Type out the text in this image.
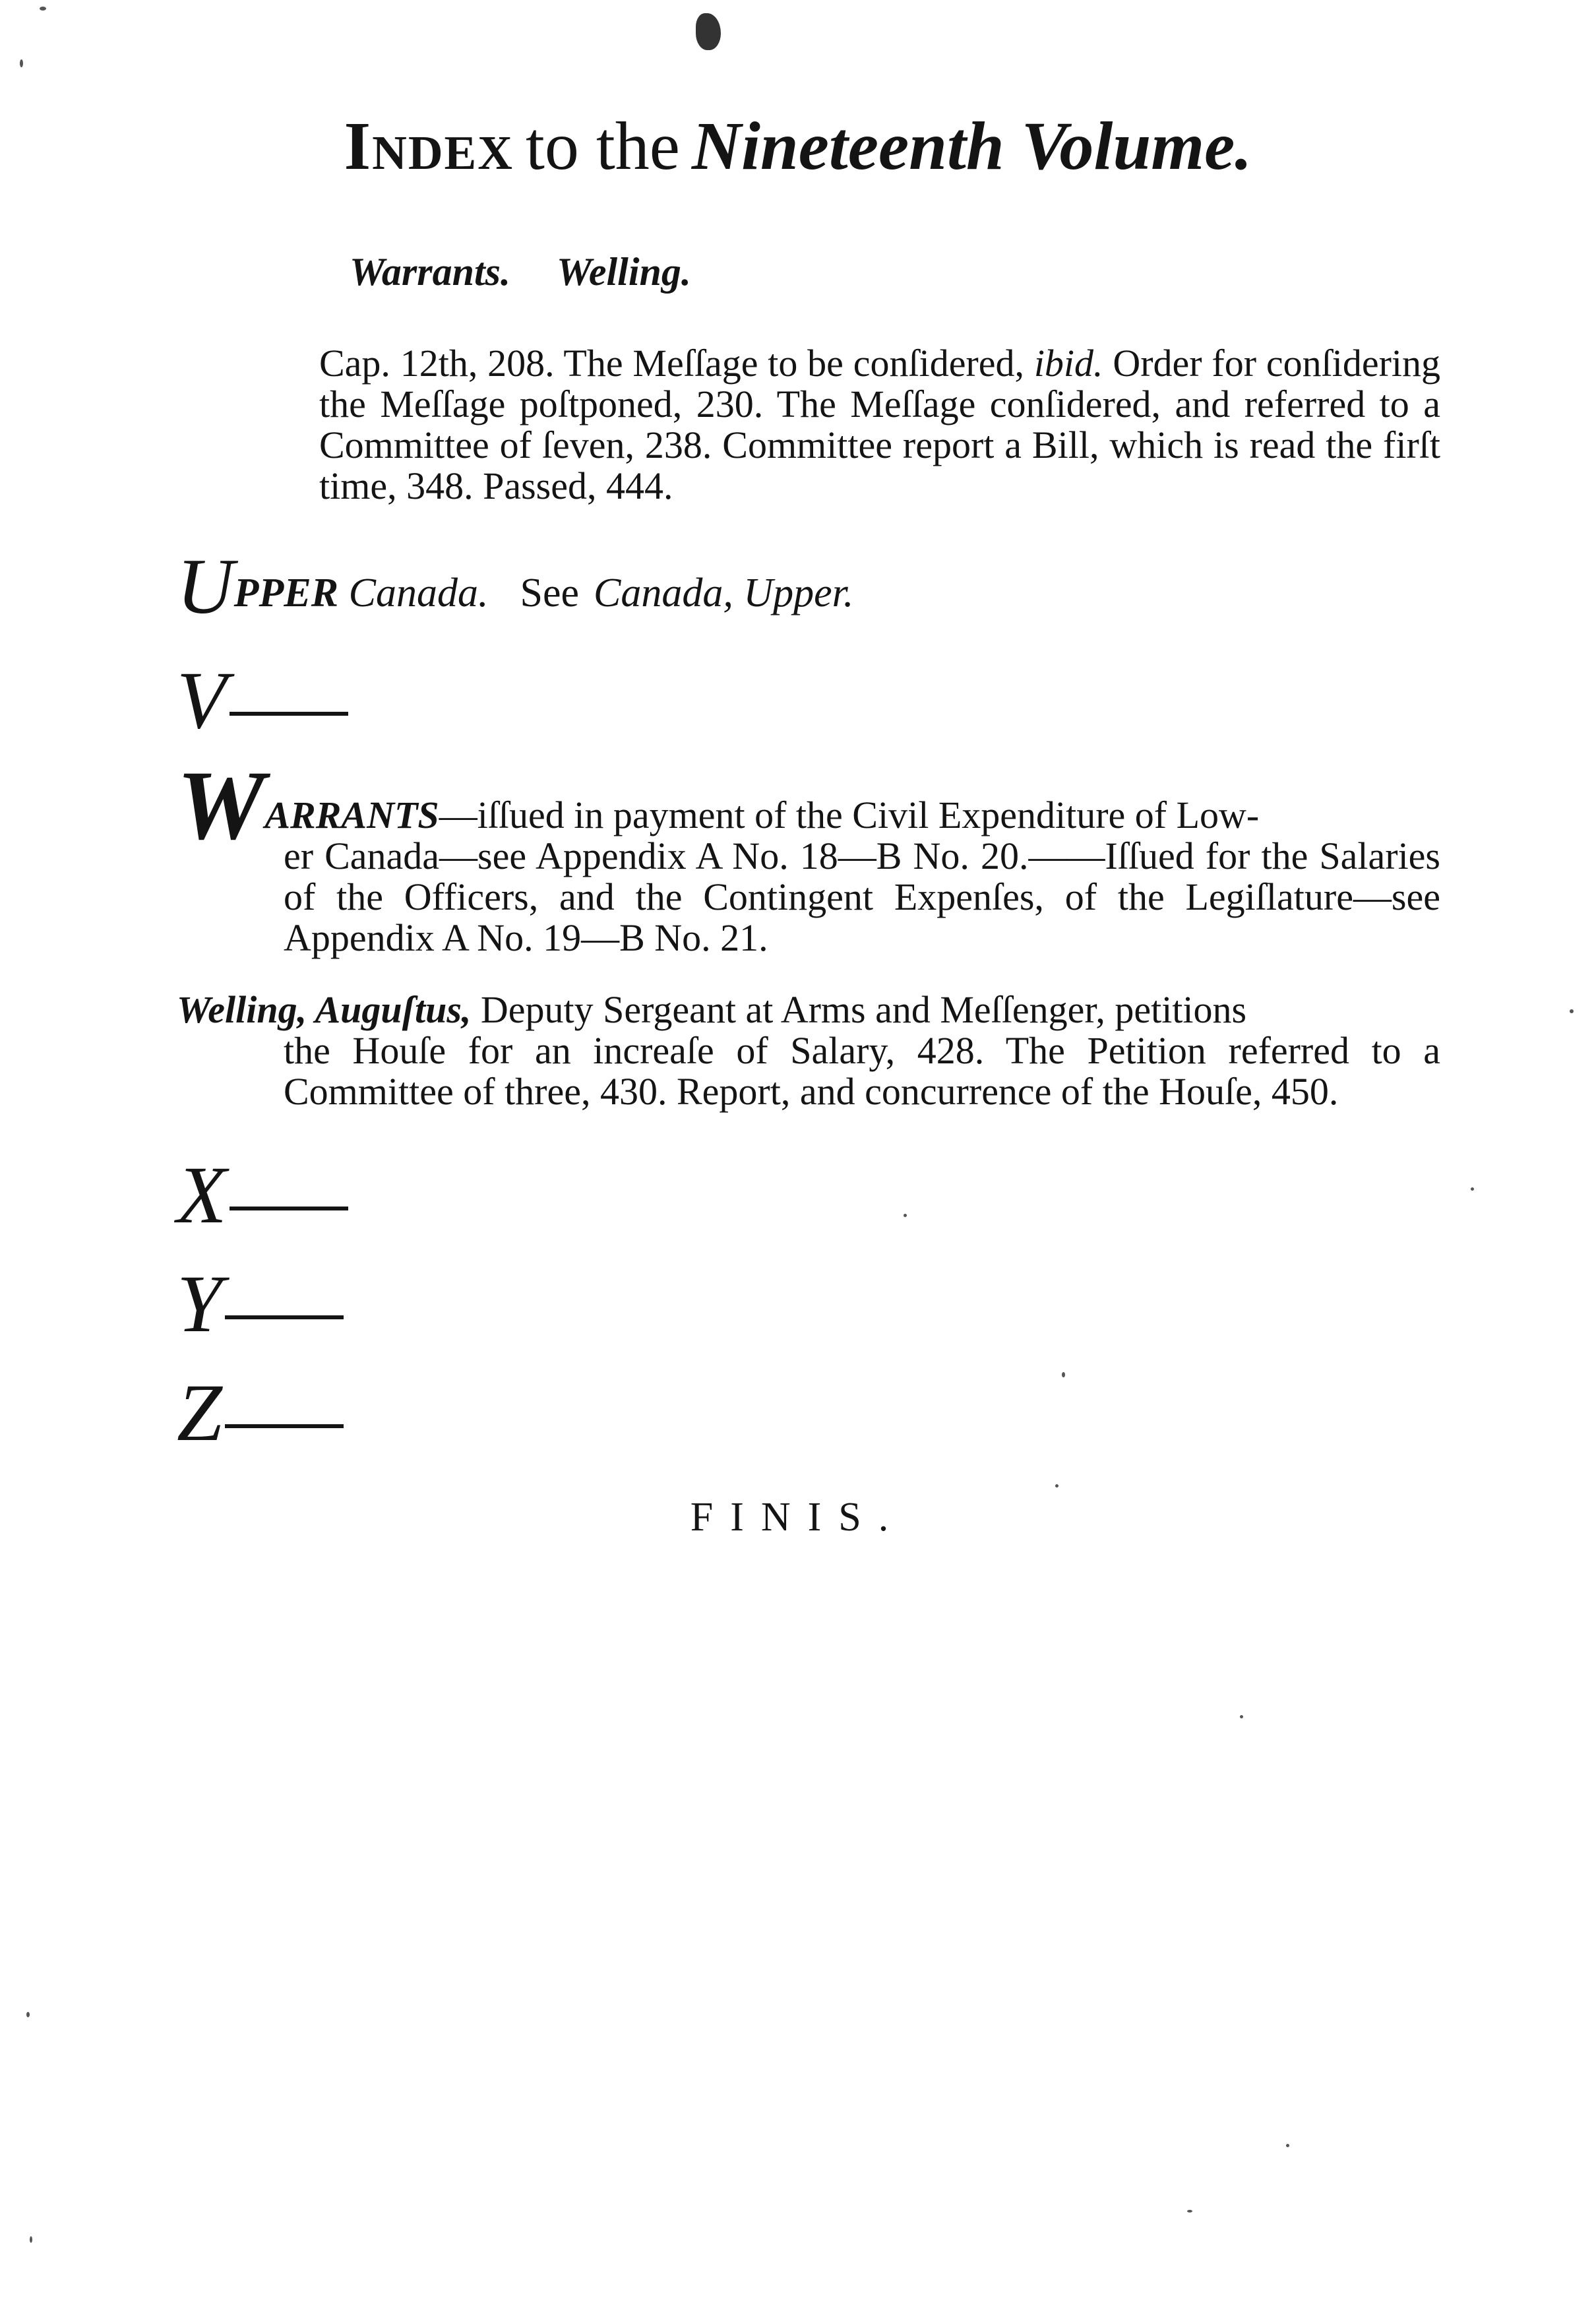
Index to the Nineteenth Volume.
Warrants. Welling.
Cap. 12th, 208. The Meſſage to be conſidered, ibid. Order for conſidering the Meſſage poſtponed, 230. The Meſſage conſidered, and referred to a Committee of ſeven, 238. Committee report a Bill, which is read the firſt time, 348. Passed, 444.
UPPER Canada. See Canada, Upper.
V
WARRANTS—iſſued in payment of the Civil Expenditure of Low-
er Canada—see Appendix A No. 18—B No. 20.——Iſſued for the Salaries of the Officers, and the Contingent Expenſes, of the Legiſlature—see Appendix A No. 19—B No. 21.
Welling, Auguſtus, Deputy Sergeant at Arms and Meſſenger, petitions
the Houſe for an increaſe of Salary, 428. The Petition referred to a Committee of three, 430. Report, and concurrence of the Houſe, 450.
X
Y
Z
FINIS.
